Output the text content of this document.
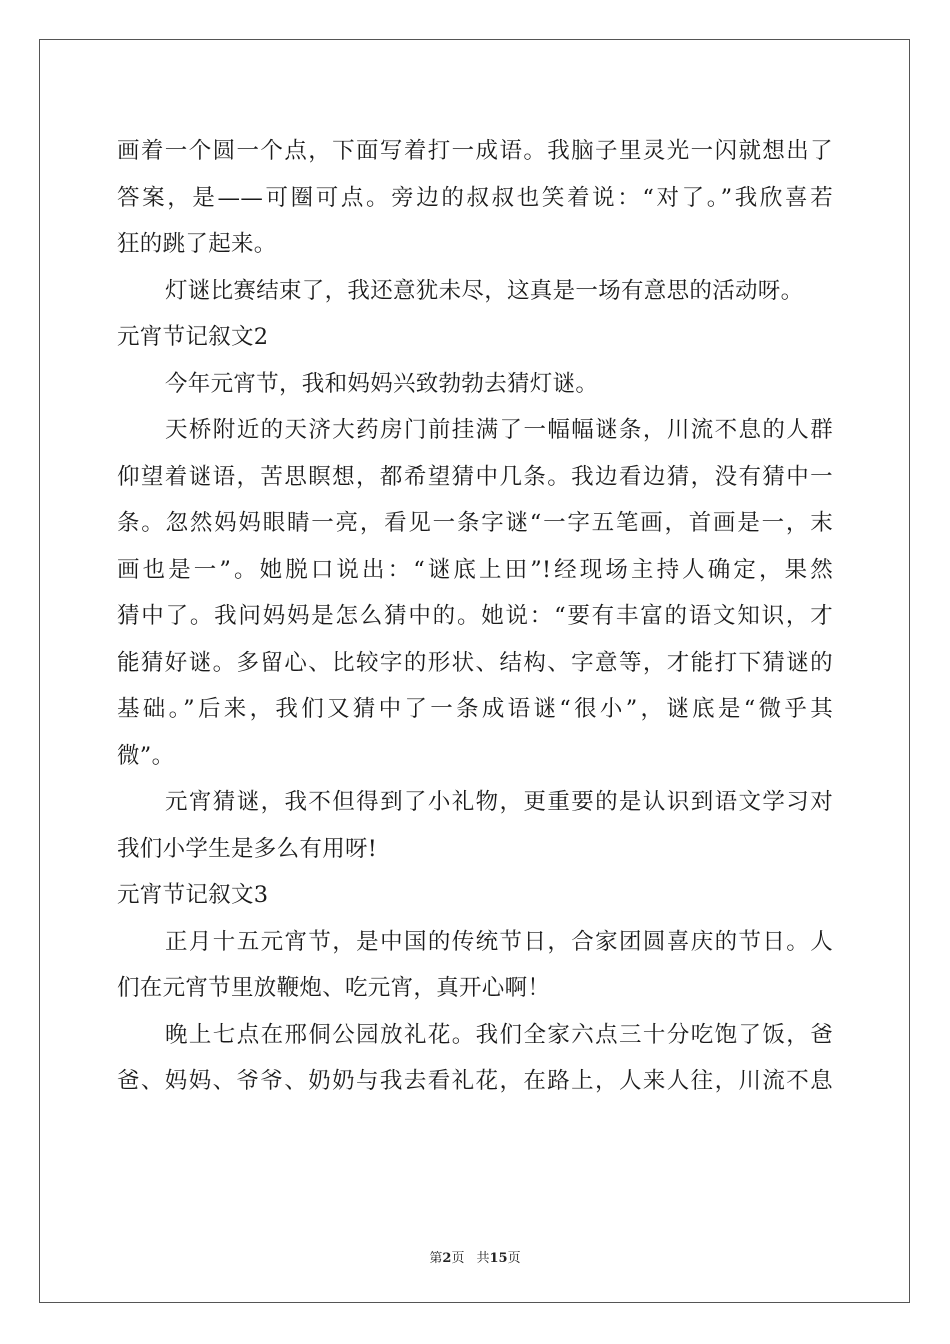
画着一个圆一个点，下面写着打一成语。我脑子里灵光一闪就想出了
答案，是——可圈可点。旁边的叔叔也笑着说：“对了。”我欣喜若
狂的跳了起来。
灯谜比赛结束了，我还意犹未尽，这真是一场有意思的活动呀。
元宵节记叙文2
今年元宵节，我和妈妈兴致勃勃去猜灯谜。
天桥附近的天济大药房门前挂满了一幅幅谜条，川流不息的人群
仰望着谜语，苦思瞑想，都希望猜中几条。我边看边猜，没有猜中一
条。忽然妈妈眼睛一亮，看见一条字谜“一字五笔画，首画是一，末
画也是一”。她脱口说出：“谜底上田”!经现场主持人确定，果然
猜中了。我问妈妈是怎么猜中的。她说：“要有丰富的语文知识，才
能猜好谜。多留心、比较字的形状、结构、字意等，才能打下猜谜的
基础。”后来，我们又猜中了一条成语谜“很小”，谜底是“微乎其
微”。
元宵猜谜，我不但得到了小礼物，更重要的是认识到语文学习对
我们小学生是多么有用呀!
元宵节记叙文3
正月十五元宵节，是中国的传统节日，合家团圆喜庆的节日。人
们在元宵节里放鞭炮、吃元宵，真开心啊！
晚上七点在邢侗公园放礼花。我们全家六点三十分吃饱了饭，爸
爸、妈妈、爷爷、奶奶与我去看礼花，在路上，人来人往，川流不息
第2页 共15页
